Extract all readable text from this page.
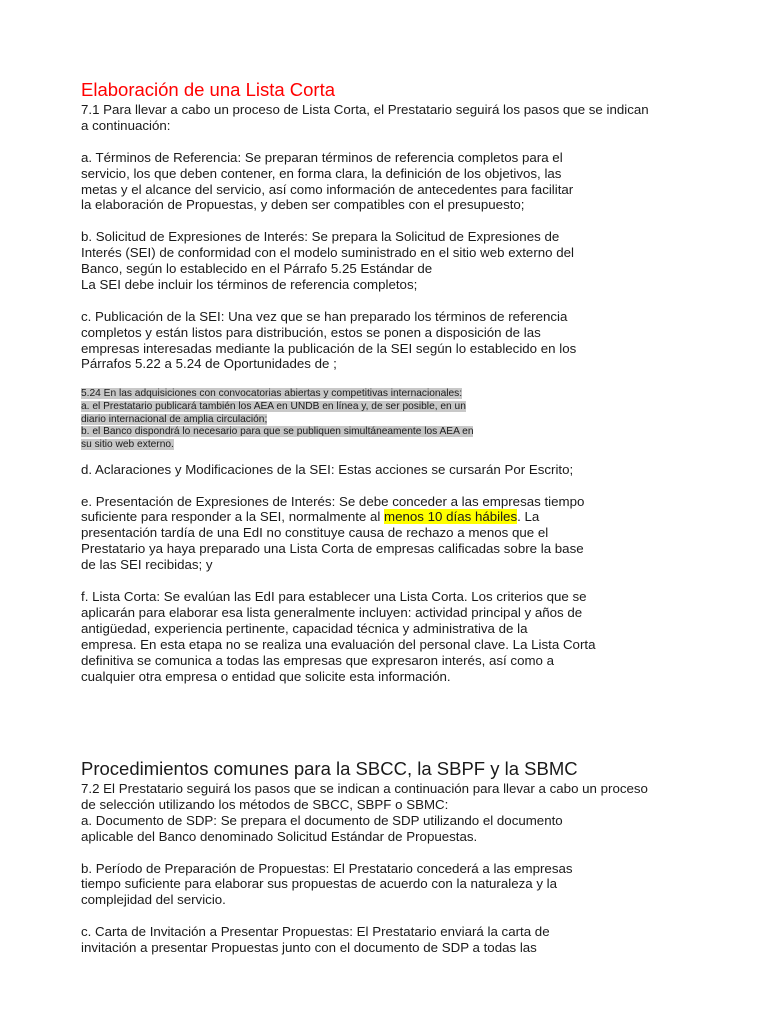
Elaboración de una Lista Corta

7.1 Para llevar a cabo un proceso de Lista Corta, el Prestatario seguirá los pasos que se indican
a continuación:

a. Términos de Referencia: Se preparan términos de referencia completos para el
servicio, los que deben contener, en forma clara, la definición de los objetivos, las
metas y el alcance del servicio, así como información de antecedentes para facilitar
la elaboración de Propuestas, y deben ser compatibles con el presupuesto;

b. Solicitud de Expresiones de Interés: Se prepara la Solicitud de Expresiones de
Interés (SEI) de conformidad con el modelo suministrado en el sitio web externo del
Banco, según lo establecido en el Párrafo 5.25 Estándar de
La SEI debe incluir los términos de referencia completos;

c. Publicación de la SEI: Una vez que se han preparado los términos de referencia
completos y están listos para distribución, estos se ponen a disposición de las
empresas interesadas mediante la publicación de la SEI según lo establecido en los
Párrafos 5.22 a 5.24 de Oportunidades de ;

5.24 En las adquisiciones con convocatorias abiertas y competitivas internacionales:
a. el Prestatario publicará también los AEA en UNDB en línea y, de ser posible, en un
diario internacional de amplia circulación;
b. el Banco dispondrá lo necesario para que se publiquen simultáneamente los AEA en
su sitio web externo.

d. Aclaraciones y Modificaciones de la SEI: Estas acciones se cursarán Por Escrito;

e. Presentación de Expresiones de Interés: Se debe conceder a las empresas tiempo
suficiente para responder a la SEI, normalmente al menos 10 días hábiles. La
presentación tardía de una EdI no constituye causa de rechazo a menos que el
Prestatario ya haya preparado una Lista Corta de empresas calificadas sobre la base
de las SEI recibidas; y

f. Lista Corta: Se evalúan las EdI para establecer una Lista Corta. Los criterios que se
aplicarán para elaborar esa lista generalmente incluyen: actividad principal y años de
antigüedad, experiencia pertinente, capacidad técnica y administrativa de la
empresa. En esta etapa no se realiza una evaluación del personal clave. La Lista Corta
definitiva se comunica a todas las empresas que expresaron interés, así como a
cualquier otra empresa o entidad que solicite esta información.

Procedimientos comunes para la SBCC, la SBPF y la SBMC

7.2 El Prestatario seguirá los pasos que se indican a continuación para llevar a cabo un proceso
de selección utilizando los métodos de SBCC, SBPF o SBMC:
a. Documento de SDP: Se prepara el documento de SDP utilizando el documento
aplicable del Banco denominado Solicitud Estándar de Propuestas.

b. Período de Preparación de Propuestas: El Prestatario concederá a las empresas
tiempo suficiente para elaborar sus propuestas de acuerdo con la naturaleza y la
complejidad del servicio.

c. Carta de Invitación a Presentar Propuestas: El Prestatario enviará la carta de
invitación a presentar Propuestas junto con el documento de SDP a todas las
